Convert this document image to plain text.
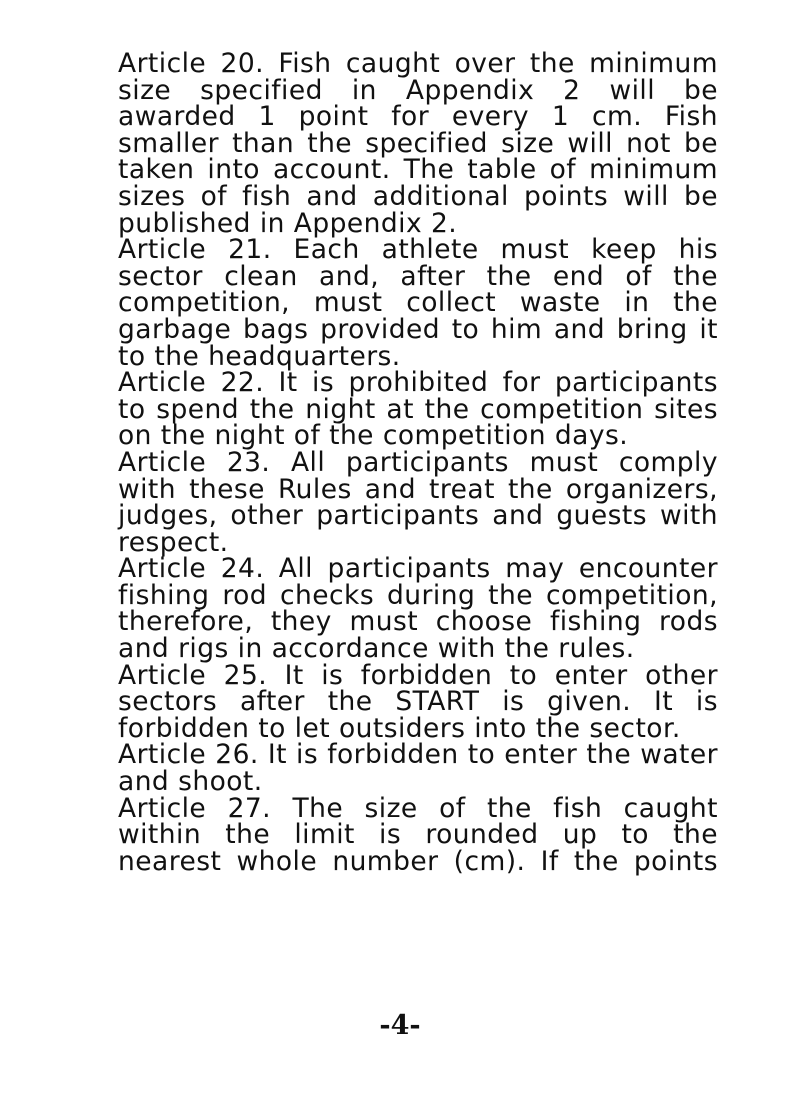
Article 20. Fish caught over the minimum size specified in Appendix 2 will be awarded 1 point for every 1 cm. Fish smaller than the specified size will not be taken into account. The table of minimum sizes of fish and additional points will be published in Appendix 2.

Article 21. Each athlete must keep his sector clean and, after the end of the competition, must collect waste in the garbage bags provided to him and bring it to the headquarters.

Article 22. It is prohibited for participants to spend the night at the competition sites on the night of the competition days.

Article 23. All participants must comply with these Rules and treat the organizers, judges, other participants and guests with respect.

Article 24. All participants may encounter fishing rod checks during the competition, therefore, they must choose fishing rods and rigs in accordance with the rules.

Article 25. It is forbidden to enter other sectors after the START is given. It is forbidden to let outsiders into the sector.

Article 26. It is forbidden to enter the water and shoot.

Article 27. The size of the fish caught within the limit is rounded up to the nearest whole number (cm). If the points

-4-
